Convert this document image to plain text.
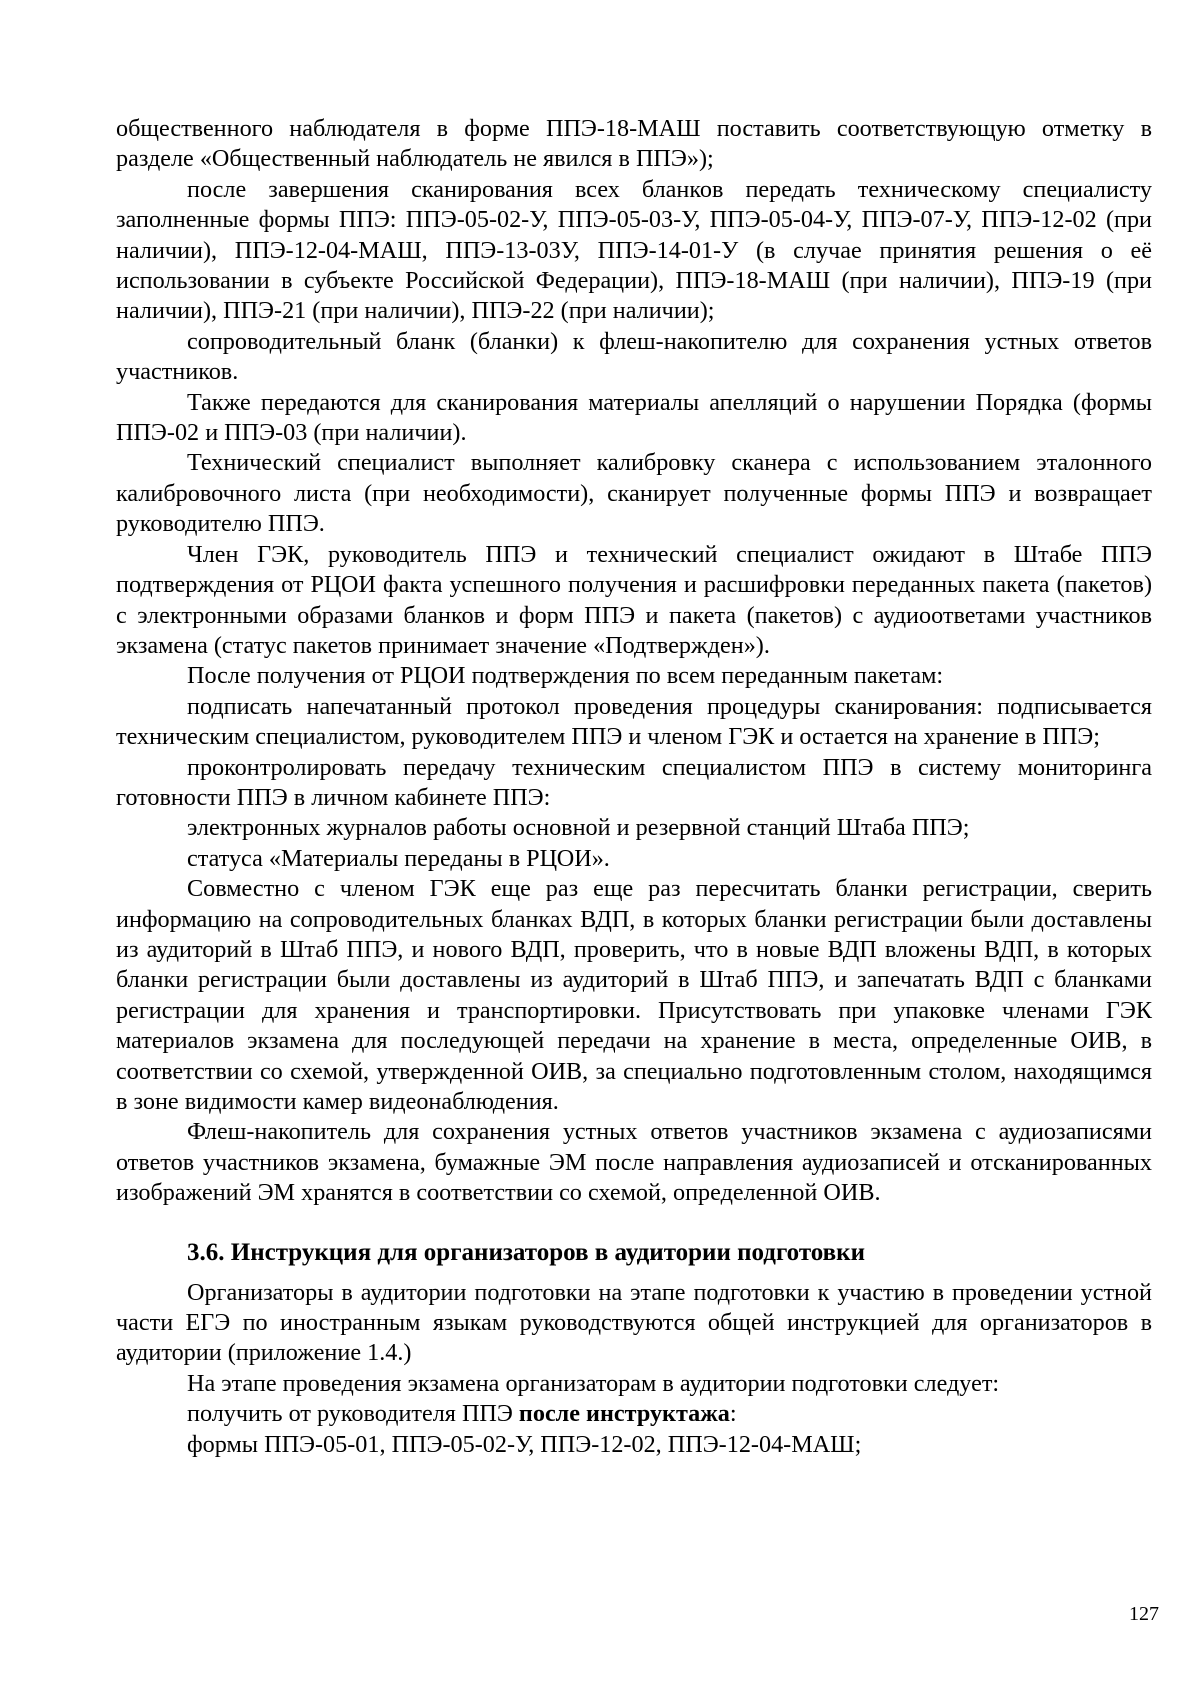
общественного наблюдателя в форме ППЭ-18-МАШ поставить соответствующую отметку в разделе «Общественный наблюдатель не явился в ППЭ»);

после завершения сканирования всех бланков передать техническому специалисту заполненные формы ППЭ: ППЭ-05-02-У, ППЭ-05-03-У, ППЭ-05-04-У, ППЭ-07-У, ППЭ-12-02 (при наличии), ППЭ-12-04-МАШ, ППЭ-13-03У, ППЭ-14-01-У (в случае принятия решения о её использовании в субъекте Российской Федерации), ППЭ-18-МАШ (при наличии), ППЭ-19 (при наличии), ППЭ-21 (при наличии), ППЭ-22 (при наличии);

сопроводительный бланк (бланки) к флеш-накопителю для сохранения устных ответов участников.

Также передаются для сканирования материалы апелляций о нарушении Порядка (формы ППЭ-02 и ППЭ-03 (при наличии).

Технический специалист выполняет калибровку сканера с использованием эталонного калибровочного листа (при необходимости), сканирует полученные формы ППЭ и возвращает руководителю ППЭ.

Член ГЭК, руководитель ППЭ и технический специалист ожидают в Штабе ППЭ подтверждения от РЦОИ факта успешного получения и расшифровки переданных пакета (пакетов) с электронными образами бланков и форм ППЭ и пакета (пакетов) с аудиоответами участников экзамена (статус пакетов принимает значение «Подтвержден»).

После получения от РЦОИ подтверждения по всем переданным пакетам:

подписать напечатанный протокол проведения процедуры сканирования: подписывается техническим специалистом, руководителем ППЭ и членом ГЭК и остается на хранение в ППЭ;

проконтролировать передачу техническим специалистом ППЭ в систему мониторинга готовности ППЭ в личном кабинете ППЭ:

электронных журналов работы основной и резервной станций Штаба ППЭ;

статуса «Материалы переданы в РЦОИ».

Совместно с членом ГЭК еще раз еще раз пересчитать бланки регистрации, сверить информацию на сопроводительных бланках ВДП, в которых бланки регистрации были доставлены из аудиторий в Штаб ППЭ, и нового ВДП, проверить, что в новые ВДП вложены ВДП, в которых бланки регистрации были доставлены из аудиторий в Штаб ППЭ, и запечатать ВДП с бланками регистрации для хранения и транспортировки. Присутствовать при упаковке членами ГЭК материалов экзамена для последующей передачи на хранение в места, определенные ОИВ, в соответствии со схемой, утвержденной ОИВ, за специально подготовленным столом, находящимся в зоне видимости камер видеонаблюдения.

Флеш-накопитель для сохранения устных ответов участников экзамена с аудиозаписями ответов участников экзамена, бумажные ЭМ после направления аудиозаписей и отсканированных изображений ЭМ хранятся в соответствии со схемой, определенной ОИВ.

3.6. Инструкция для организаторов в аудитории подготовки

Организаторы в аудитории подготовки на этапе подготовки к участию в проведении устной части ЕГЭ по иностранным языкам руководствуются общей инструкцией для организаторов в аудитории (приложение 1.4.)

На этапе проведения экзамена организаторам в аудитории подготовки следует:

получить от руководителя ППЭ после инструктажа:

формы ППЭ-05-01, ППЭ-05-02-У, ППЭ-12-02, ППЭ-12-04-МАШ;

127
